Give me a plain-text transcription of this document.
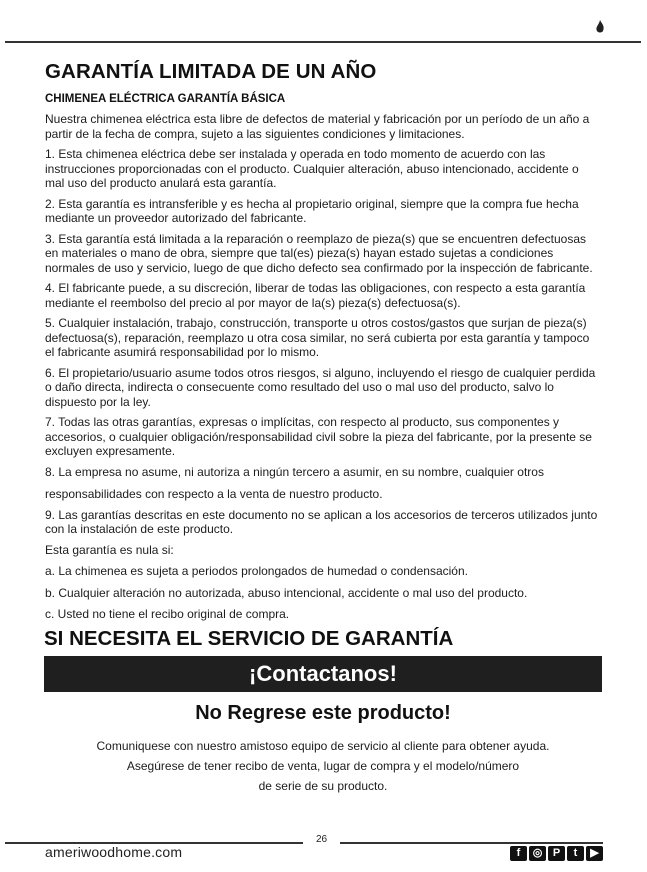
GARANTÍA LIMITADA DE UN AÑO
CHIMENEA ELÉCTRICA GARANTÍA BÁSICA

Nuestra chimenea eléctrica esta libre de defectos de material y fabricación por un período de un año a partir de la fecha de compra, sujeto a las siguientes condiciones y limitaciones.

1. Esta chimenea eléctrica debe ser instalada y operada en todo momento de acuerdo con las instrucciones proporcionadas con el producto. Cualquier alteración, abuso intencionado, accidente o mal uso del producto anulará esta garantía.

2. Esta garantía es intransferible y es hecha al propietario original, siempre que la compra fue hecha mediante un proveedor autorizado del fabricante.

3. Esta garantía está limitada a la reparación o reemplazo de pieza(s) que se encuentren defectuosas en materiales o mano de obra, siempre que tal(es) pieza(s) hayan estado sujetas a condiciones normales de uso y servicio, luego de que dicho defecto sea confirmado por la inspección de fabricante.

4. El fabricante puede, a su discreción, liberar de todas las obligaciones, con respecto a esta garantía mediante el reembolso del precio al por mayor de la(s) pieza(s) defectuosa(s).

5. Cualquier instalación, trabajo, construcción, transporte u otros costos/gastos que surjan de pieza(s) defectuosa(s), reparación, reemplazo u otra cosa similar, no será cubierta por esta garantía y tampoco el fabricante asumirá responsabilidad por lo mismo.

6. El propietario/usuario asume todos otros riesgos, si alguno, incluyendo el riesgo de cualquier perdida o daño directa, indirecta o consecuente como resultado del uso o mal uso del producto, salvo lo dispuesto por la ley.

7. Todas las otras garantías, expresas o implícitas, con respecto al producto, sus componentes y accesorios, o cualquier obligación/responsabilidad civil sobre la pieza del fabricante, por la presente se excluyen expresamente.

8. La empresa no asume, ni autoriza a ningún tercero a asumir, en su nombre, cualquier otros

responsabilidades con respecto a la venta de nuestro producto.

9. Las garantías descritas en este documento no se aplican a los accesorios de terceros utilizados junto con la instalación de este producto.

Esta garantía es nula si:

a. La chimenea es sujeta a periodos prolongados de humedad o condensación.

b. Cualquier alteración no autorizada, abuso intencional, accidente o mal uso del producto.

c. Usted no tiene el recibo original de compra.

SI NECESITA EL SERVICIO DE GARANTÍA
¡Contactanos!
No Regrese este producto!

Comuniquese con nuestro amistoso equipo de servicio al cliente para obtener ayuda.

Asegúrese de tener recibo de venta, lugar de compra y el modelo/número

de serie de su producto.

26
ameriwoodhome.com	f	◎ P	t	▶
